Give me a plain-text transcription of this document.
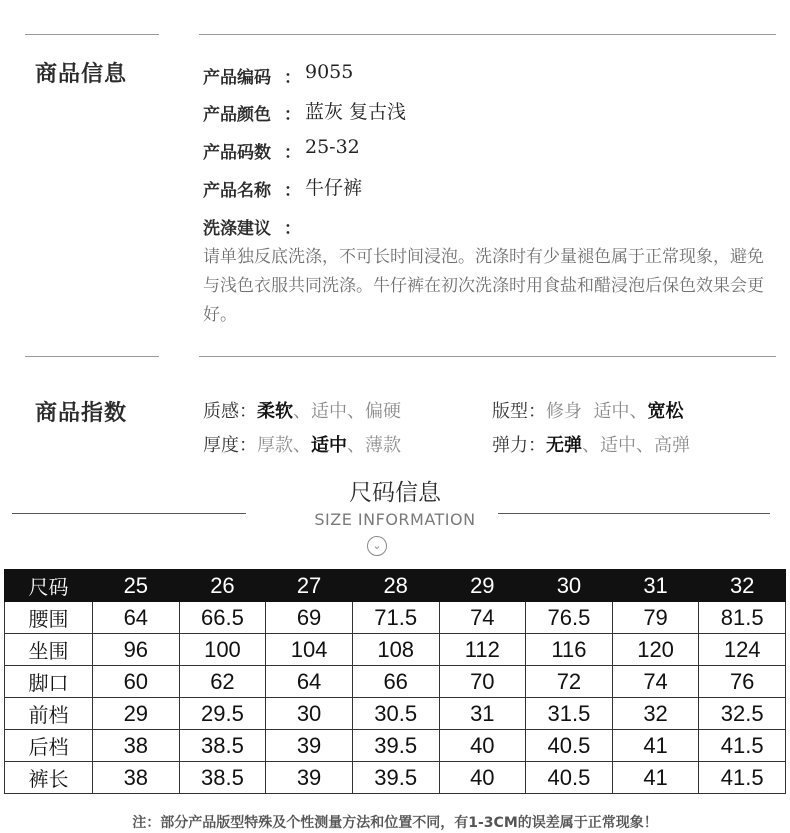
商品信息	产品编码 ： 9055
产品颜色 ： 蓝灰 复古浅
产品码数 ： 25-32
产品名称 ： 牛仔裤
洗涤建议 ：
请单独反底洗涤，不可长时间浸泡。洗涤时有少量褪色属于正常现象，避免与浅色衣服共同洗涤。牛仔裤在初次洗涤时用食盐和醋浸泡后保色效果会更好。
商品指数	质感：柔软、适中、偏硬	版型：修身 适中、宽松
厚度：厚款、适中、薄款	弹力：无弹、适中、高弹
尺码信息
SIZE INFORMATION
⌄
尺码	25	26	27	28	29	30	31	32
腰围	64	66.5	69	71.5	74	76.5	79	81.5
坐围	96	100	104	108	112	116	120	124
脚口	60	62	64	66	70	72	74	76
前档	29	29.5	30	30.5	31	31.5	32	32.5
后档	38	38.5	39	39.5	40	40.5	41	41.5
裤长	38	38.5	39	39.5	40	40.5	41	41.5
注：部分产品版型特殊及个性测量方法和位置不同，有1-3CM的误差属于正常现象！
